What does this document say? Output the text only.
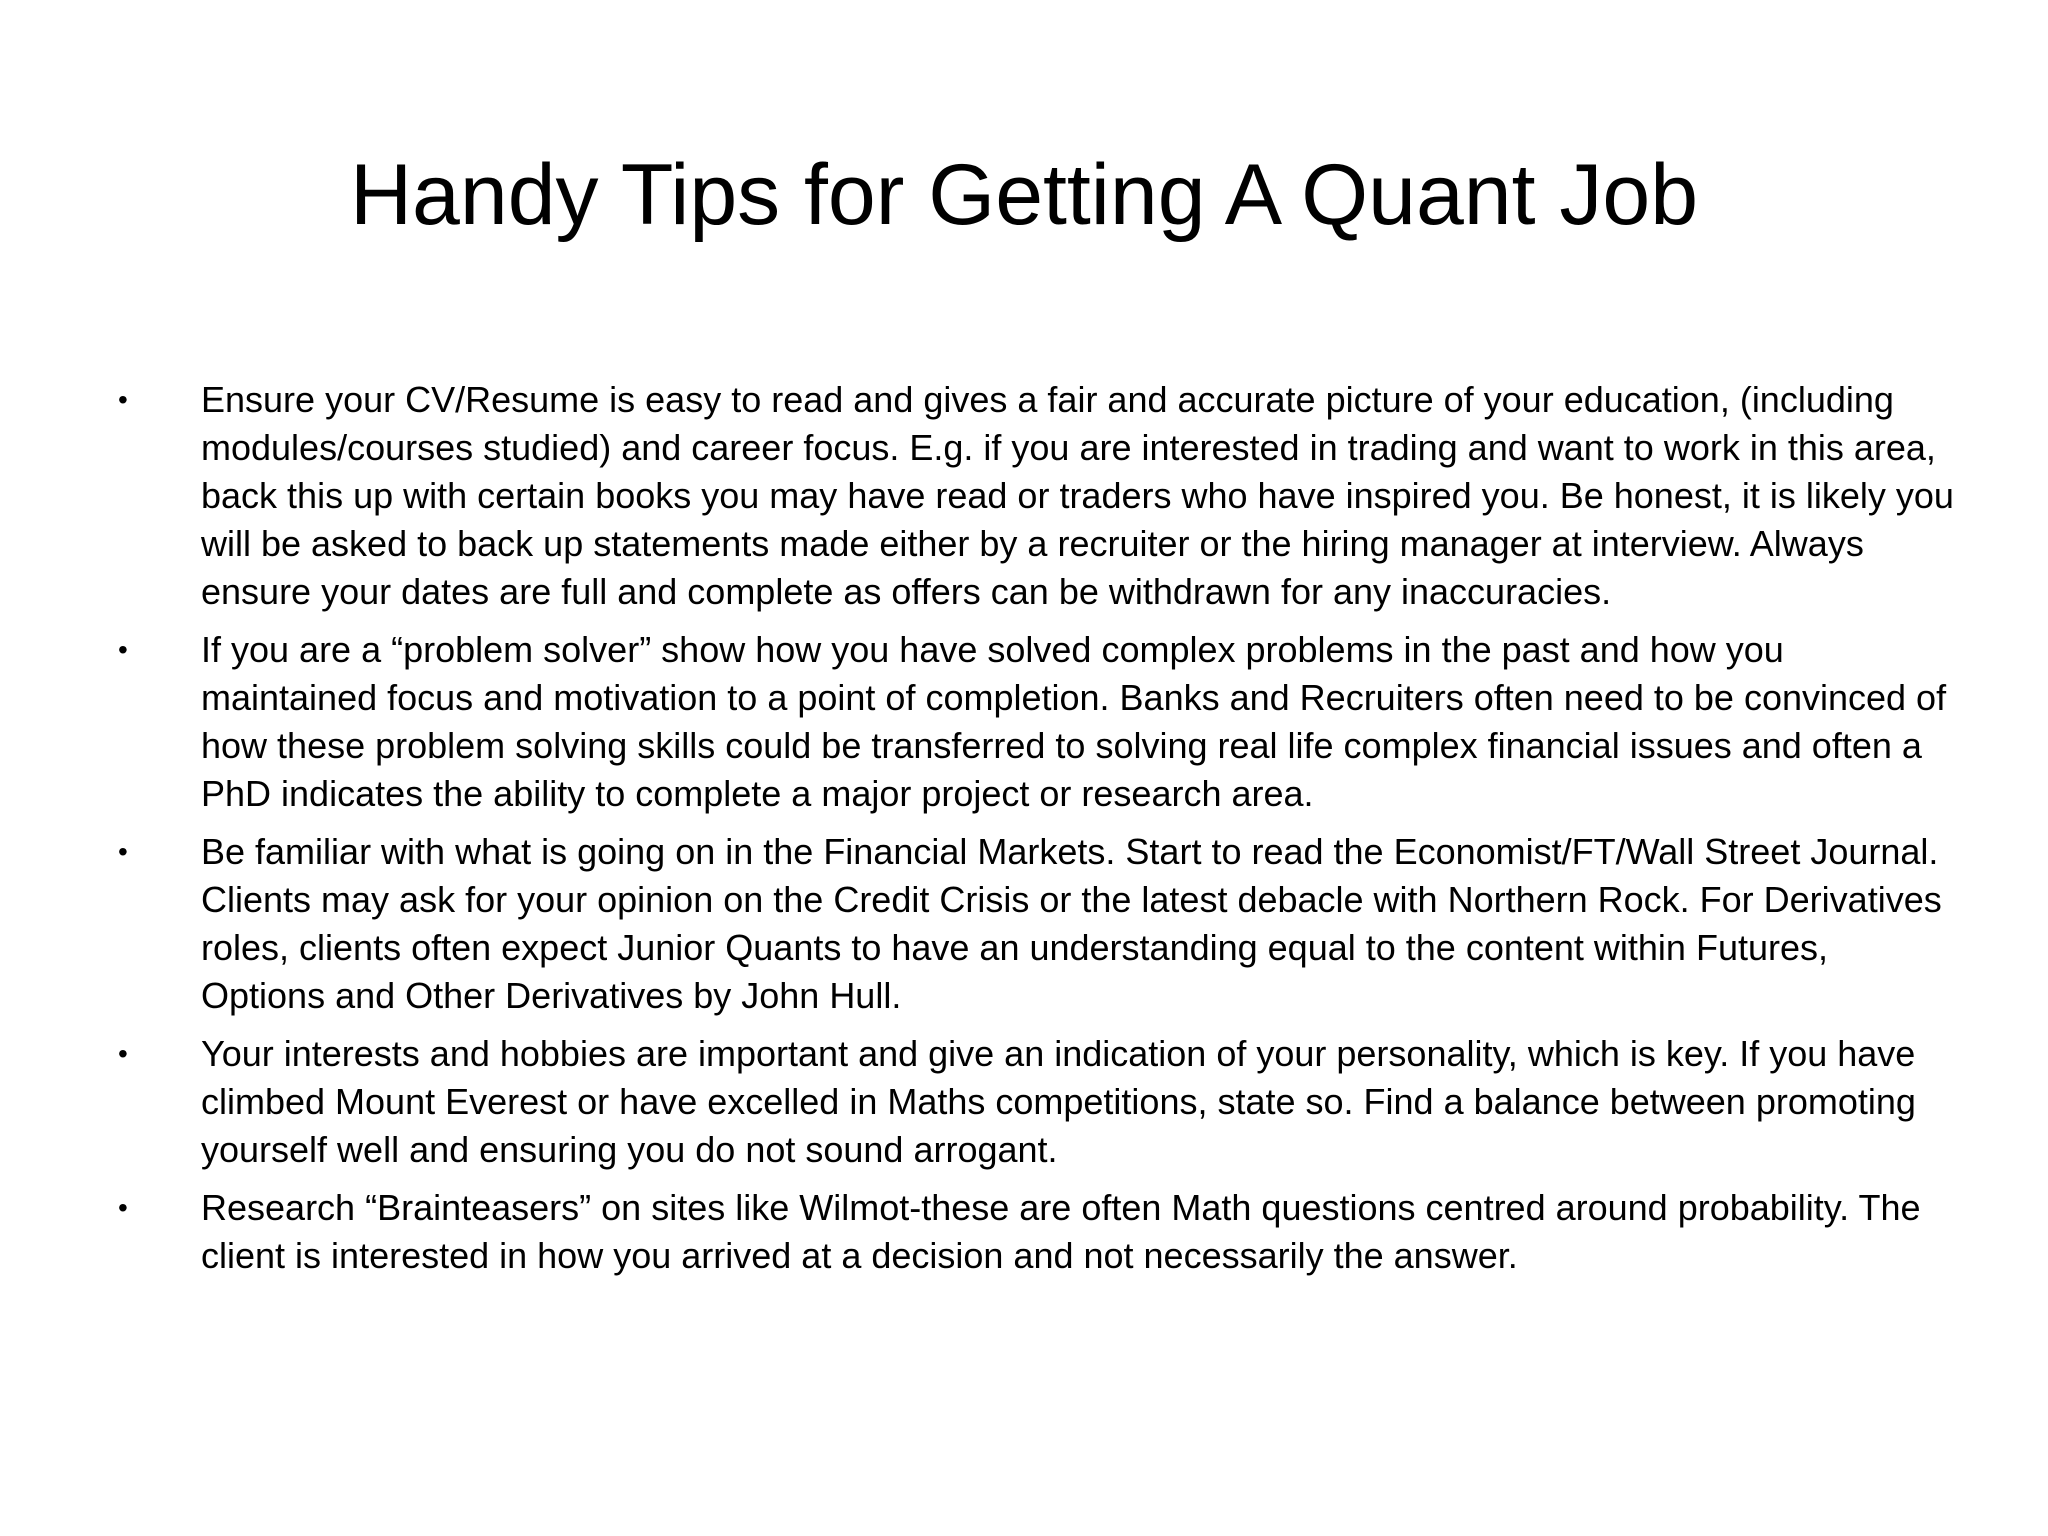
Handy Tips for Getting A Quant Job
•	Ensure your CV/Resume is easy to read and gives a fair and accurate picture of your education, (including modules/courses studied) and career focus. E.g. if you are interested in trading and want to work in this area, back this up with certain books you may have read or traders who have inspired you. Be honest, it is likely you will be asked to back up statements made either by a recruiter or the hiring manager at interview. Always ensure your dates are full and complete as offers can be withdrawn for any inaccuracies.
•	If you are a “problem solver” show how you have solved complex problems in the past and how you maintained focus and motivation to a point of completion. Banks and Recruiters often need to be convinced of how these problem solving skills could be transferred to solving real life complex financial issues and often a PhD indicates the ability to complete a major project or research area.
•	Be familiar with what is going on in the Financial Markets. Start to read the Economist/FT/Wall Street Journal. Clients may ask for your opinion on the Credit Crisis or the latest debacle with Northern Rock. For Derivatives roles, clients often expect Junior Quants to have an understanding equal to the content within Futures, Options and Other Derivatives by John Hull.
•	Your interests and hobbies are important and give an indication of your personality, which is key. If you have climbed Mount Everest or have excelled in Maths competitions, state so. Find a balance between promoting yourself well and ensuring you do not sound arrogant.
•	Research “Brainteasers” on sites like Wilmot-these are often Math questions centred around probability. The client is interested in how you arrived at a decision and not necessarily the answer.
